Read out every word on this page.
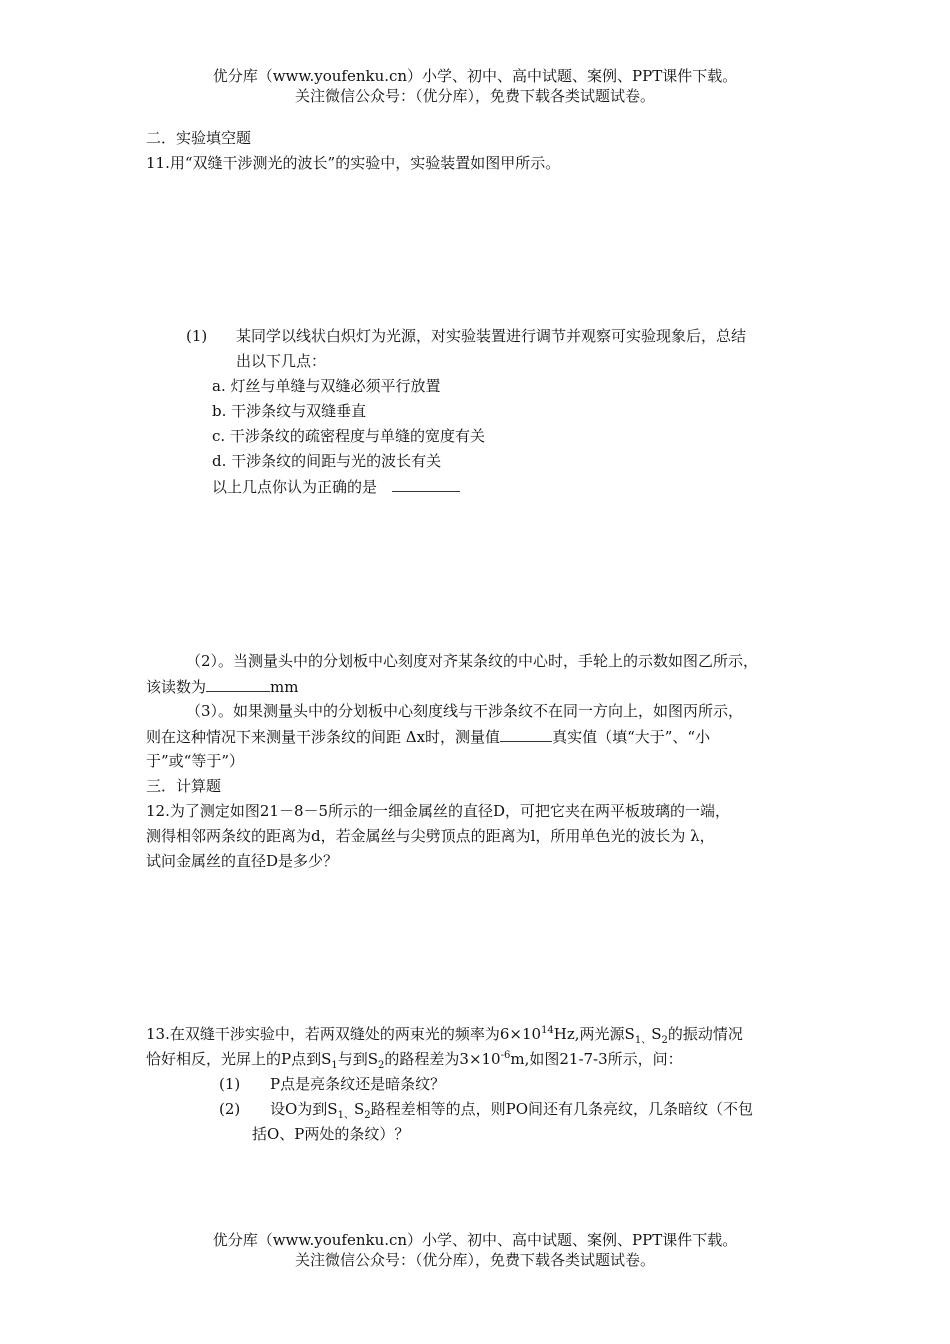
优分库（www.youfenku.cn）小学、初中、高中试题、案例、PPT课件下载。
关注微信公众号：（优分库），免费下载各类试题试卷。
二．实验填空题
11.用“双缝干涉测光的波长”的实验中，实验装置如图甲所示。
(1) 某同学以线状白炽灯为光源，对实验装置进行调节并观察可实验现象后，总结
出以下几点：
a. 灯丝与单缝与双缝必须平行放置
b. 干涉条纹与双缝垂直
c. 干涉条纹的疏密程度与单缝的宽度有关
d. 干涉条纹的间距与光的波长有关
以上几点你认为正确的是
（2）。当测量头中的分划板中心刻度对齐某条纹的中心时，手轮上的示数如图乙所示，
该读数为	mm
（3）。如果测量头中的分划板中心刻度线与干涉条纹不在同一方向上，如图丙所示，
则在这种情况下来测量干涉条纹的间距 Δx时，测量值	真实值（填“大于”、“小
于”或“等于”）
三．计算题
12.为了测定如图21－8－5所示的一细金属丝的直径D，可把它夹在两平板玻璃的一端，
测得相邻两条纹的距离为d，若金属丝与尖劈顶点的距离为l，所用单色光的波长为 λ，
试问金属丝的直径D是多少？
13.在双缝干涉实验中，若两双缝处的两束光的频率为$6\times 10^{14}Hz$,两光源$S_{1、}S_2$的振动情况
恰好相反，光屏上的P点到$S_1$与到$S_2$的路程差为$3\times 10^{-6}m$,如图21-7-3所示，问：
(1) P点是亮条纹还是暗条纹？
(2) 设O为到$S_{1、}S_2$路程差相等的点，则PO间还有几条亮纹，几条暗纹（不包
括O、P两处的条纹）？
优分库（www.youfenku.cn）小学、初中、高中试题、案例、PPT课件下载。
关注微信公众号：（优分库），免费下载各类试题试卷。
